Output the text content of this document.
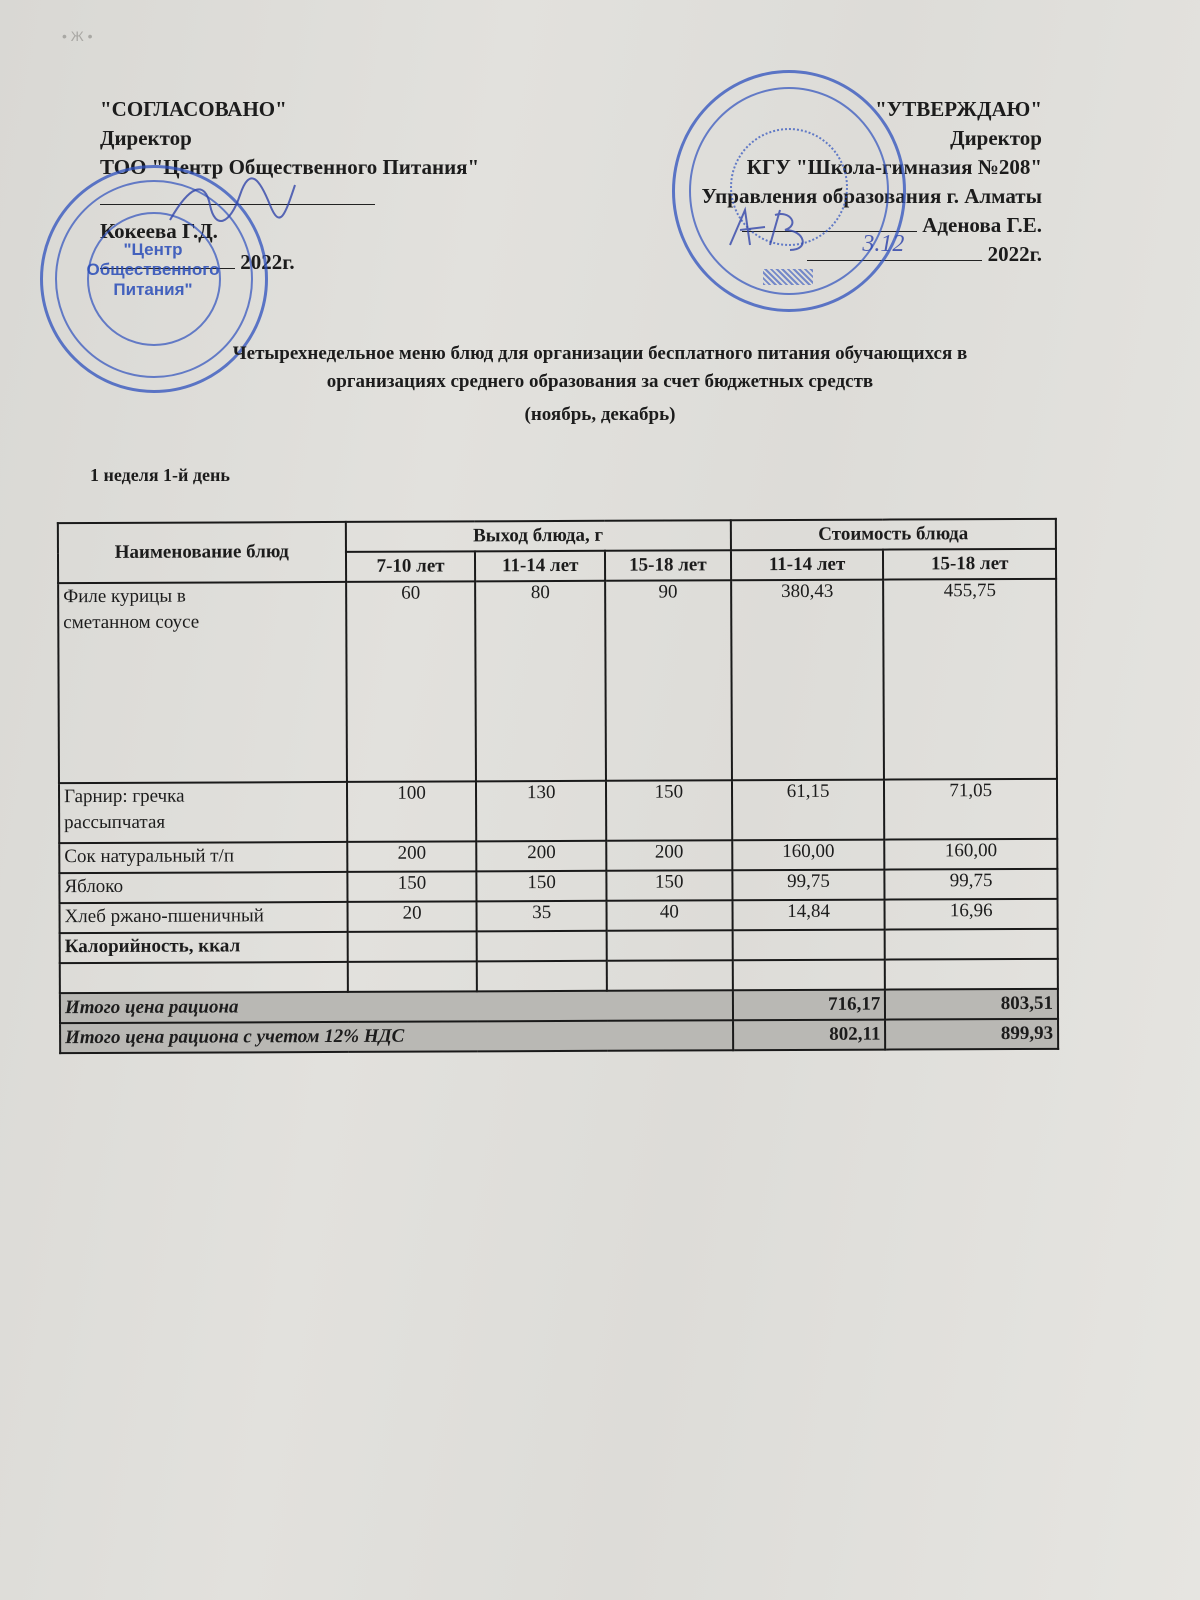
• Ж •
"СОГЛАСОВАНО"
Директор
ТОО "Центр Общественного Питания"
Кокеева Г.Д.
2022г.
"Центр
Общественного
Питания"
"УТВЕРЖДАЮ"
Директор
КГУ "Школа-гимназия №208"
Управления образования г. Алматы
Аденова Г.Е.
3.12	2022г.
Четырехнедельное меню блюд для организации бесплатного питания обучающихся в
организациях среднего образования за счет бюджетных средств
(ноябрь, декабрь)
1 неделя 1-й день
Наименование блюд	Выход блюда, г			Стоимость блюда	
	7-10 лет	11-14 лет	15-18 лет	11-14 лет	15-18 лет
Филе курицы в сметанном соусе	60	80	90	380,43	455,75
Гарнир: гречка рассыпчатая	100	130	150	61,15	71,05
Сок натуральный т/п	200	200	200	160,00	160,00
Яблоко	150	150	150	99,75	99,75
Хлеб ржано-пшеничный	20	35	40	14,84	16,96
Калорийность, ккал					

Итого цена рациона				716,17	803,51
Итого цена рациона с учетом 12% НДС				802,11	899,93
